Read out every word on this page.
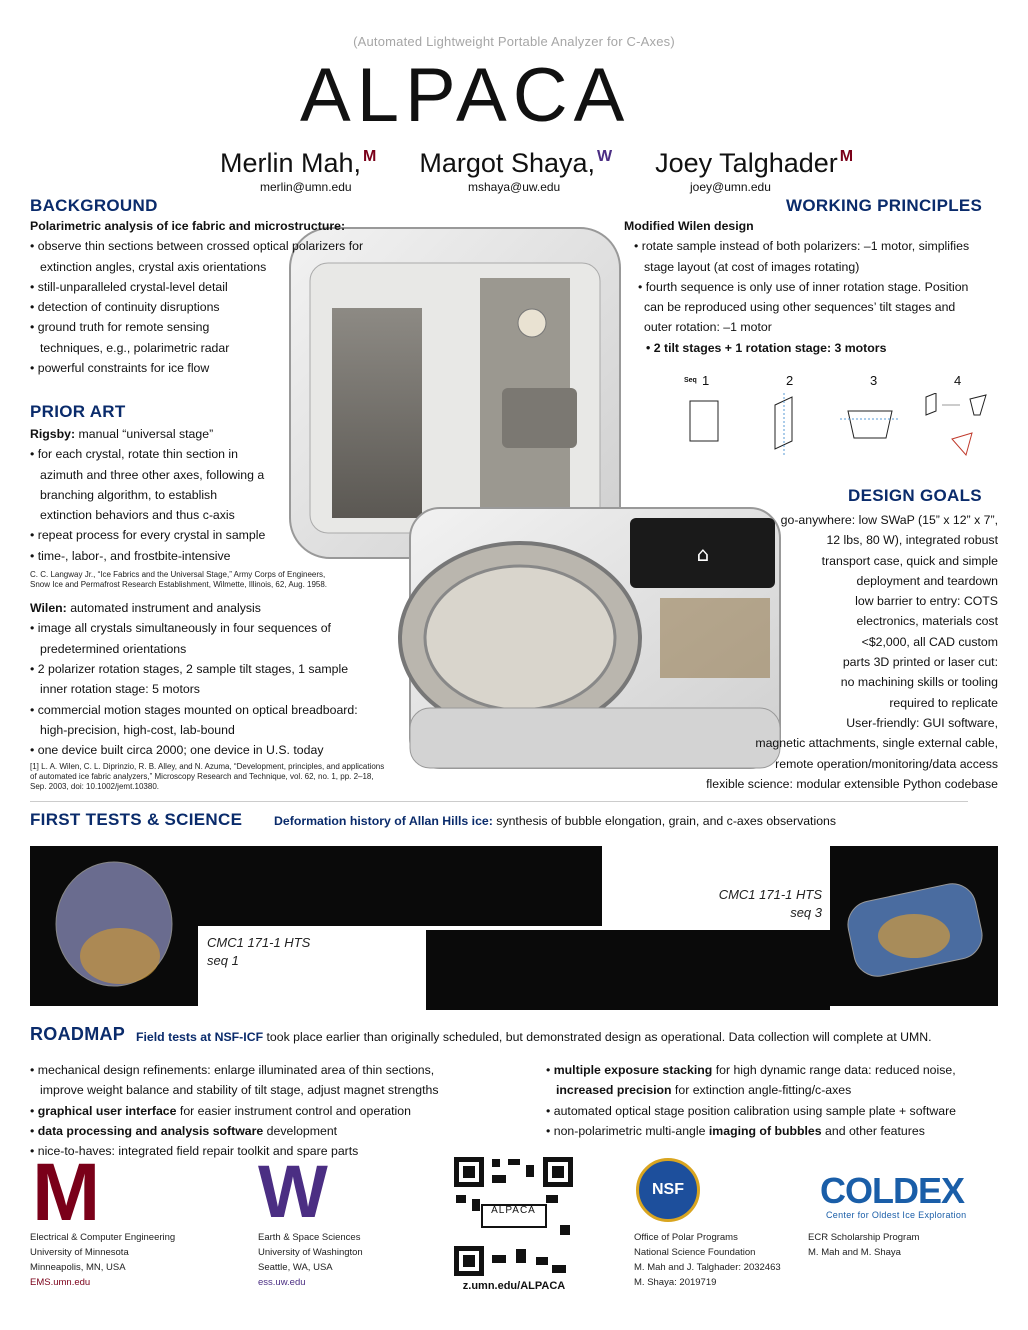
(Automated Lightweight Portable Analyzer for C-Axes)
ALPACA
Merlin Mah, M Margot Shaya, W Joey Talghader M
merlin@umn.edu	mshaya@uw.edu	joey@umn.edu
⌂
BACKGROUND
Polarimetric analysis of ice fabric and microstructure:
• observe thin sections between crossed optical polarizers for
extinction angles, crystal axis orientations
• still-unparalleled crystal-level detail
• detection of continuity disruptions
• ground truth for remote sensing
techniques, e.g., polarimetric radar
• powerful constraints for ice flow
PRIOR ART
Rigsby: manual “universal stage”
• for each crystal, rotate thin section in
azimuth and three other axes, following a
branching algorithm, to establish
extinction behaviors and thus c-axis
• repeat process for every crystal in sample
• time-, labor-, and frostbite-intensive
C. C. Langway Jr., “Ice Fabrics and the Universal Stage,” Army Corps of Engineers, Snow Ice and Permafrost Research Establishment, Wilmette, Illinois, 62, Aug. 1958.
Wilen: automated instrument and analysis
• image all crystals simultaneously in four sequences of
predetermined orientations
• 2 polarizer rotation stages, 2 sample tilt stages, 1 sample
inner rotation stage: 5 motors
• commercial motion stages mounted on optical breadboard:
high-precision, high-cost, lab-bound
• one device built circa 2000; one device in U.S. today
[1] L. A. Wilen, C. L. Diprinzio, R. B. Alley, and N. Azuma, “Development, principles, and applications of automated ice fabric analyzers,” Microscopy Research and Technique, vol. 62, no. 1, pp. 2–18, Sep. 2003, doi: 10.1002/jemt.10380.
WORKING PRINCIPLES
Modified Wilen design
• rotate sample instead of both polarizers: –1 motor, simplifies
stage layout (at cost of images rotating)
• fourth sequence is only use of inner rotation stage. Position
can be reproduced using other sequences’ tilt stages and
outer rotation: –1 motor
• 2 tilt stages + 1 rotation stage: 3 motors
Seq 1	2	3	4
DESIGN GOALS
go-anywhere: low SWaP (15” x 12” x 7”,
12 lbs, 80 W), integrated robust
transport case, quick and simple
deployment and teardown
low barrier to entry: COTS
electronics, materials cost
<$2,000, all CAD custom
parts 3D printed or laser cut:
no machining skills or tooling
required to replicate
User-friendly: GUI software,
magnetic attachments, single external cable,
remote operation/monitoring/data access
flexible science: modular extensible Python codebase
FIRST TESTS & SCIENCE	Deformation history of Allan Hills ice: synthesis of bubble elongation, grain, and c-axes observations
CMC1 171-1 HTS
seq 3
CMC1 171-1 HTS
seq 1
ROADMAP Field tests at NSF-ICF took place earlier than originally scheduled, but demonstrated design as operational. Data collection will complete at UMN.
• mechanical design refinements: enlarge illuminated area of thin sections,
improve weight balance and stability of tilt stage, adjust magnet strengths
• graphical user interface for easier instrument control and operation
• data processing and analysis software development
• nice-to-haves: integrated field repair toolkit and spare parts
• multiple exposure stacking for high dynamic range data: reduced noise,
increased precision for extinction angle-fitting/c-axes
• automated optical stage position calibration using sample plate + software
• non-polarimetric multi-angle imaging of bubbles and other features
M
Electrical & Computer Engineering
University of Minnesota
Minneapolis, MN, USA
EMS.umn.edu
W
Earth & Space Sciences
University of Washington
Seattle, WA, USA
ess.uw.edu
ALPACA
z.umn.edu/ALPACA
NSF
Office of Polar Programs
National Science Foundation
M. Mah and J. Talghader: 2032463
M. Shaya: 2019719
COLDEX
Center for Oldest Ice Exploration
ECR Scholarship Program
M. Mah and M. Shaya
